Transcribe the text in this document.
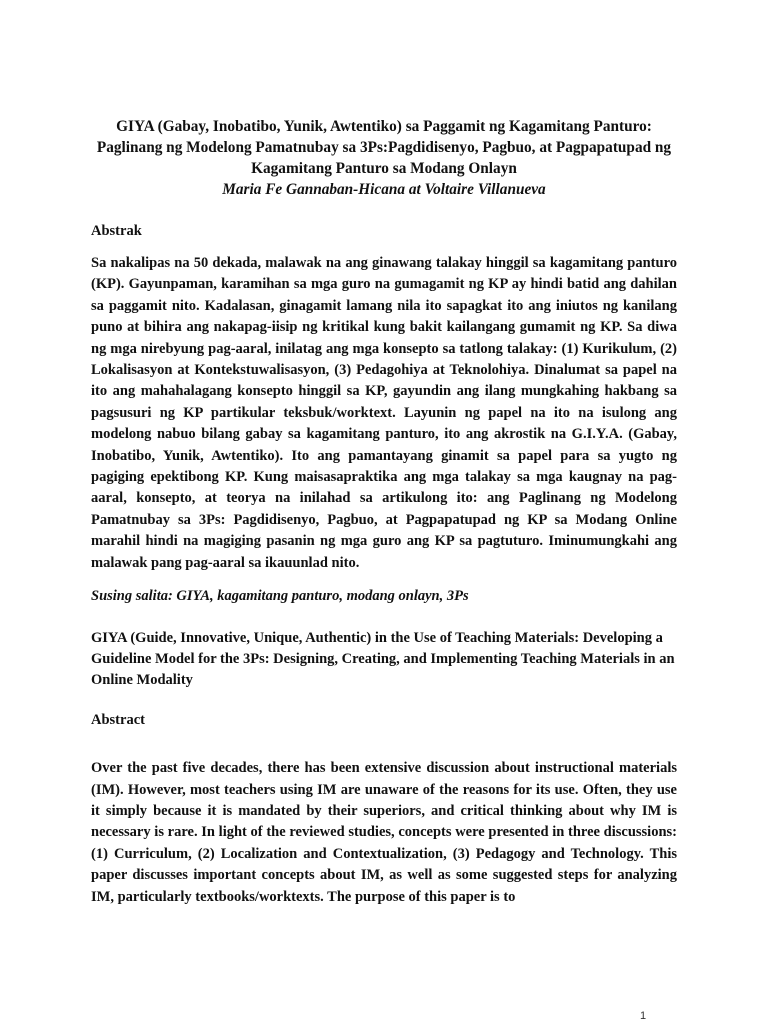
GIYA (Gabay, Inobatibo, Yunik, Awtentiko) sa Paggamit ng Kagamitang Panturo:
Paglinang ng Modelong Pamatnubay sa 3Ps:Pagdidisenyo, Pagbuo, at Pagpapatupad ng
Kagamitang Panturo sa Modang Onlayn

Maria Fe Gannaban-Hicana at Voltaire Villanueva

Abstrak

Sa nakalipas na 50 dekada, malawak na ang ginawang talakay hinggil sa kagamitang panturo (KP). Gayunpaman, karamihan sa mga guro na gumagamit ng KP ay hindi batid ang dahilan sa paggamit nito. Kadalasan, ginagamit lamang nila ito sapagkat ito ang iniutos ng kanilang puno at bihira ang nakapag-iisip ng kritikal kung bakit kailangang gumamit ng KP. Sa diwa ng mga nirebyung pag-aaral, inilatag ang mga konsepto sa tatlong talakay: (1) Kurikulum, (2) Lokalisasyon at Kontekstuwalisasyon, (3) Pedagohiya at Teknolohiya. Dinalumat sa papel na ito ang mahahalagang konsepto hinggil sa KP, gayundin ang ilang mungkahing hakbang sa pagsusuri ng KP partikular teksbuk/worktext. Layunin ng papel na ito na isulong ang modelong nabuo bilang gabay sa kagamitang panturo, ito ang akrostik na G.I.Y.A. (Gabay, Inobatibo, Yunik, Awtentiko). Ito ang pamantayang ginamit sa papel para sa yugto ng pagiging epektibong KP. Kung maisasapraktika ang mga talakay sa mga kaugnay na pag-aaral, konsepto, at teorya na inilahad sa artikulong ito: ang Paglinang ng Modelong Pamatnubay sa 3Ps: Pagdidisenyo, Pagbuo, at Pagpapatupad ng KP sa Modang Online marahil hindi na magiging pasanin ng mga guro ang KP sa pagtuturo. Iminumungkahi ang malawak pang pag-aaral sa ikauunlad nito.

Susing salita: GIYA, kagamitang panturo, modang onlayn, 3Ps

GIYA (Guide, Innovative, Unique, Authentic) in the Use of Teaching Materials: Developing a Guideline Model for the 3Ps: Designing, Creating, and Implementing Teaching Materials in an Online Modality

Abstract

Over the past five decades, there has been extensive discussion about instructional materials (IM). However, most teachers using IM are unaware of the reasons for its use. Often, they use it simply because it is mandated by their superiors, and critical thinking about why IM is necessary is rare. In light of the reviewed studies, concepts were presented in three discussions: (1) Curriculum, (2) Localization and Contextualization, (3) Pedagogy and Technology. This paper discusses important concepts about IM, as well as some suggested steps for analyzing IM, particularly textbooks/worktexts. The purpose of this paper is to

1
